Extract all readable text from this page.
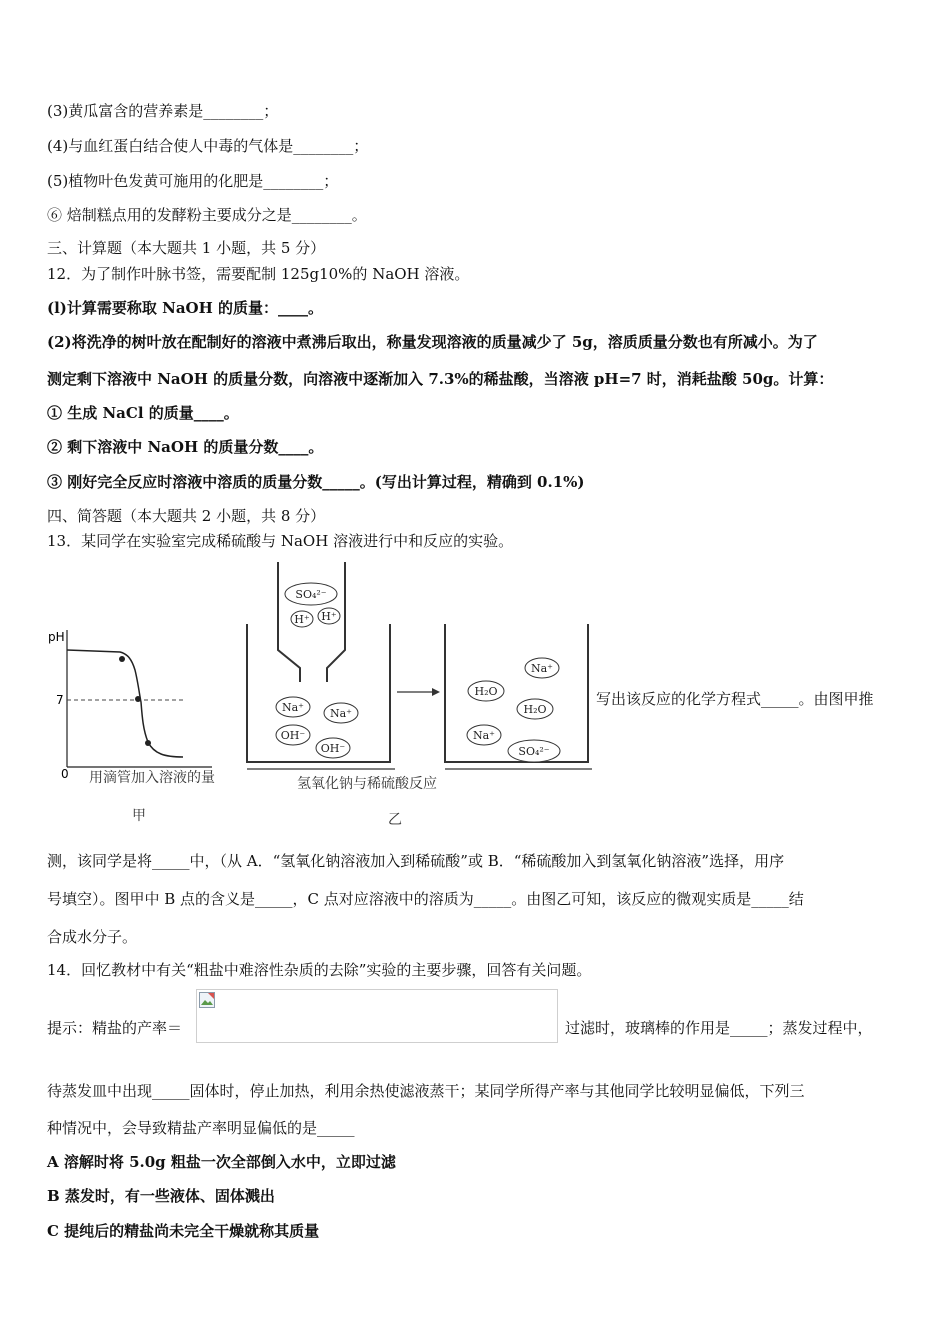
(3)黄瓜富含的营养素是________；
(4)与血红蛋白结合使人中毒的气体是________；
(5)植物叶色发黄可施用的化肥是________；
⑥ 焙制糕点用的发酵粉主要成分之是________。
三、计算题（本大题共 1 小题，共 5 分）
12．为了制作叶脉书签，需要配制 125g10%的 NaOH 溶液。
(l)计算需要称取 NaOH 的质量：____。
(2)将洗净的树叶放在配制好的溶液中煮沸后取出，称量发现溶液的质量减少了 5g，溶质质量分数也有所减小。为了
测定剩下溶液中 NaOH 的质量分数，向溶液中逐渐加入 7.3%的稀盐酸，当溶液 pH=7 时，消耗盐酸 50g。计算：
① 生成 NaCl 的质量____。
② 剩下溶液中 NaOH 的质量分数____。
③ 刚好完全反应时溶液中溶质的质量分数_____。(写出计算过程，精确到 0.1%)
四、简答题（本大题共 2 小题，共 8 分）
13．某同学在实验室完成稀硫酸与 NaOH 溶液进行中和反应的实验。
pH
7
0 用滴管加入溶液的量
甲
SO₄²⁻
H⁺ H⁺
Na⁺ Na⁺
OH⁻
OH⁻
Na⁺
H₂O
H₂O
Na⁺
SO₄²⁻
氢氧化钠与稀硫酸反应
乙
写出该反应的化学方程式_____。由图甲推
测，该同学是将_____中，（从 A．“氢氧化钠溶液加入到稀硫酸”或 B．“稀硫酸加入到氢氧化钠溶液”选择，用序
号填空）。图甲中 B 点的含义是_____，C 点对应溶液中的溶质为_____。由图乙可知，该反应的微观实质是_____结
合成水分子。
14．回忆教材中有关“粗盐中难溶性杂质的去除”实验的主要步骤，回答有关问题。
提示：精盐的产率＝	过滤时，玻璃棒的作用是_____；蒸发过程中，
待蒸发皿中出现_____固体时，停止加热，利用余热使滤液蒸干；某同学所得产率与其他同学比较明显偏低，下列三
种情况中，会导致精盐产率明显偏低的是_____
A 溶解时将 5.0g 粗盐一次全部倒入水中，立即过滤
B 蒸发时，有一些液体、固体溅出
C 提纯后的精盐尚未完全干燥就称其质量
